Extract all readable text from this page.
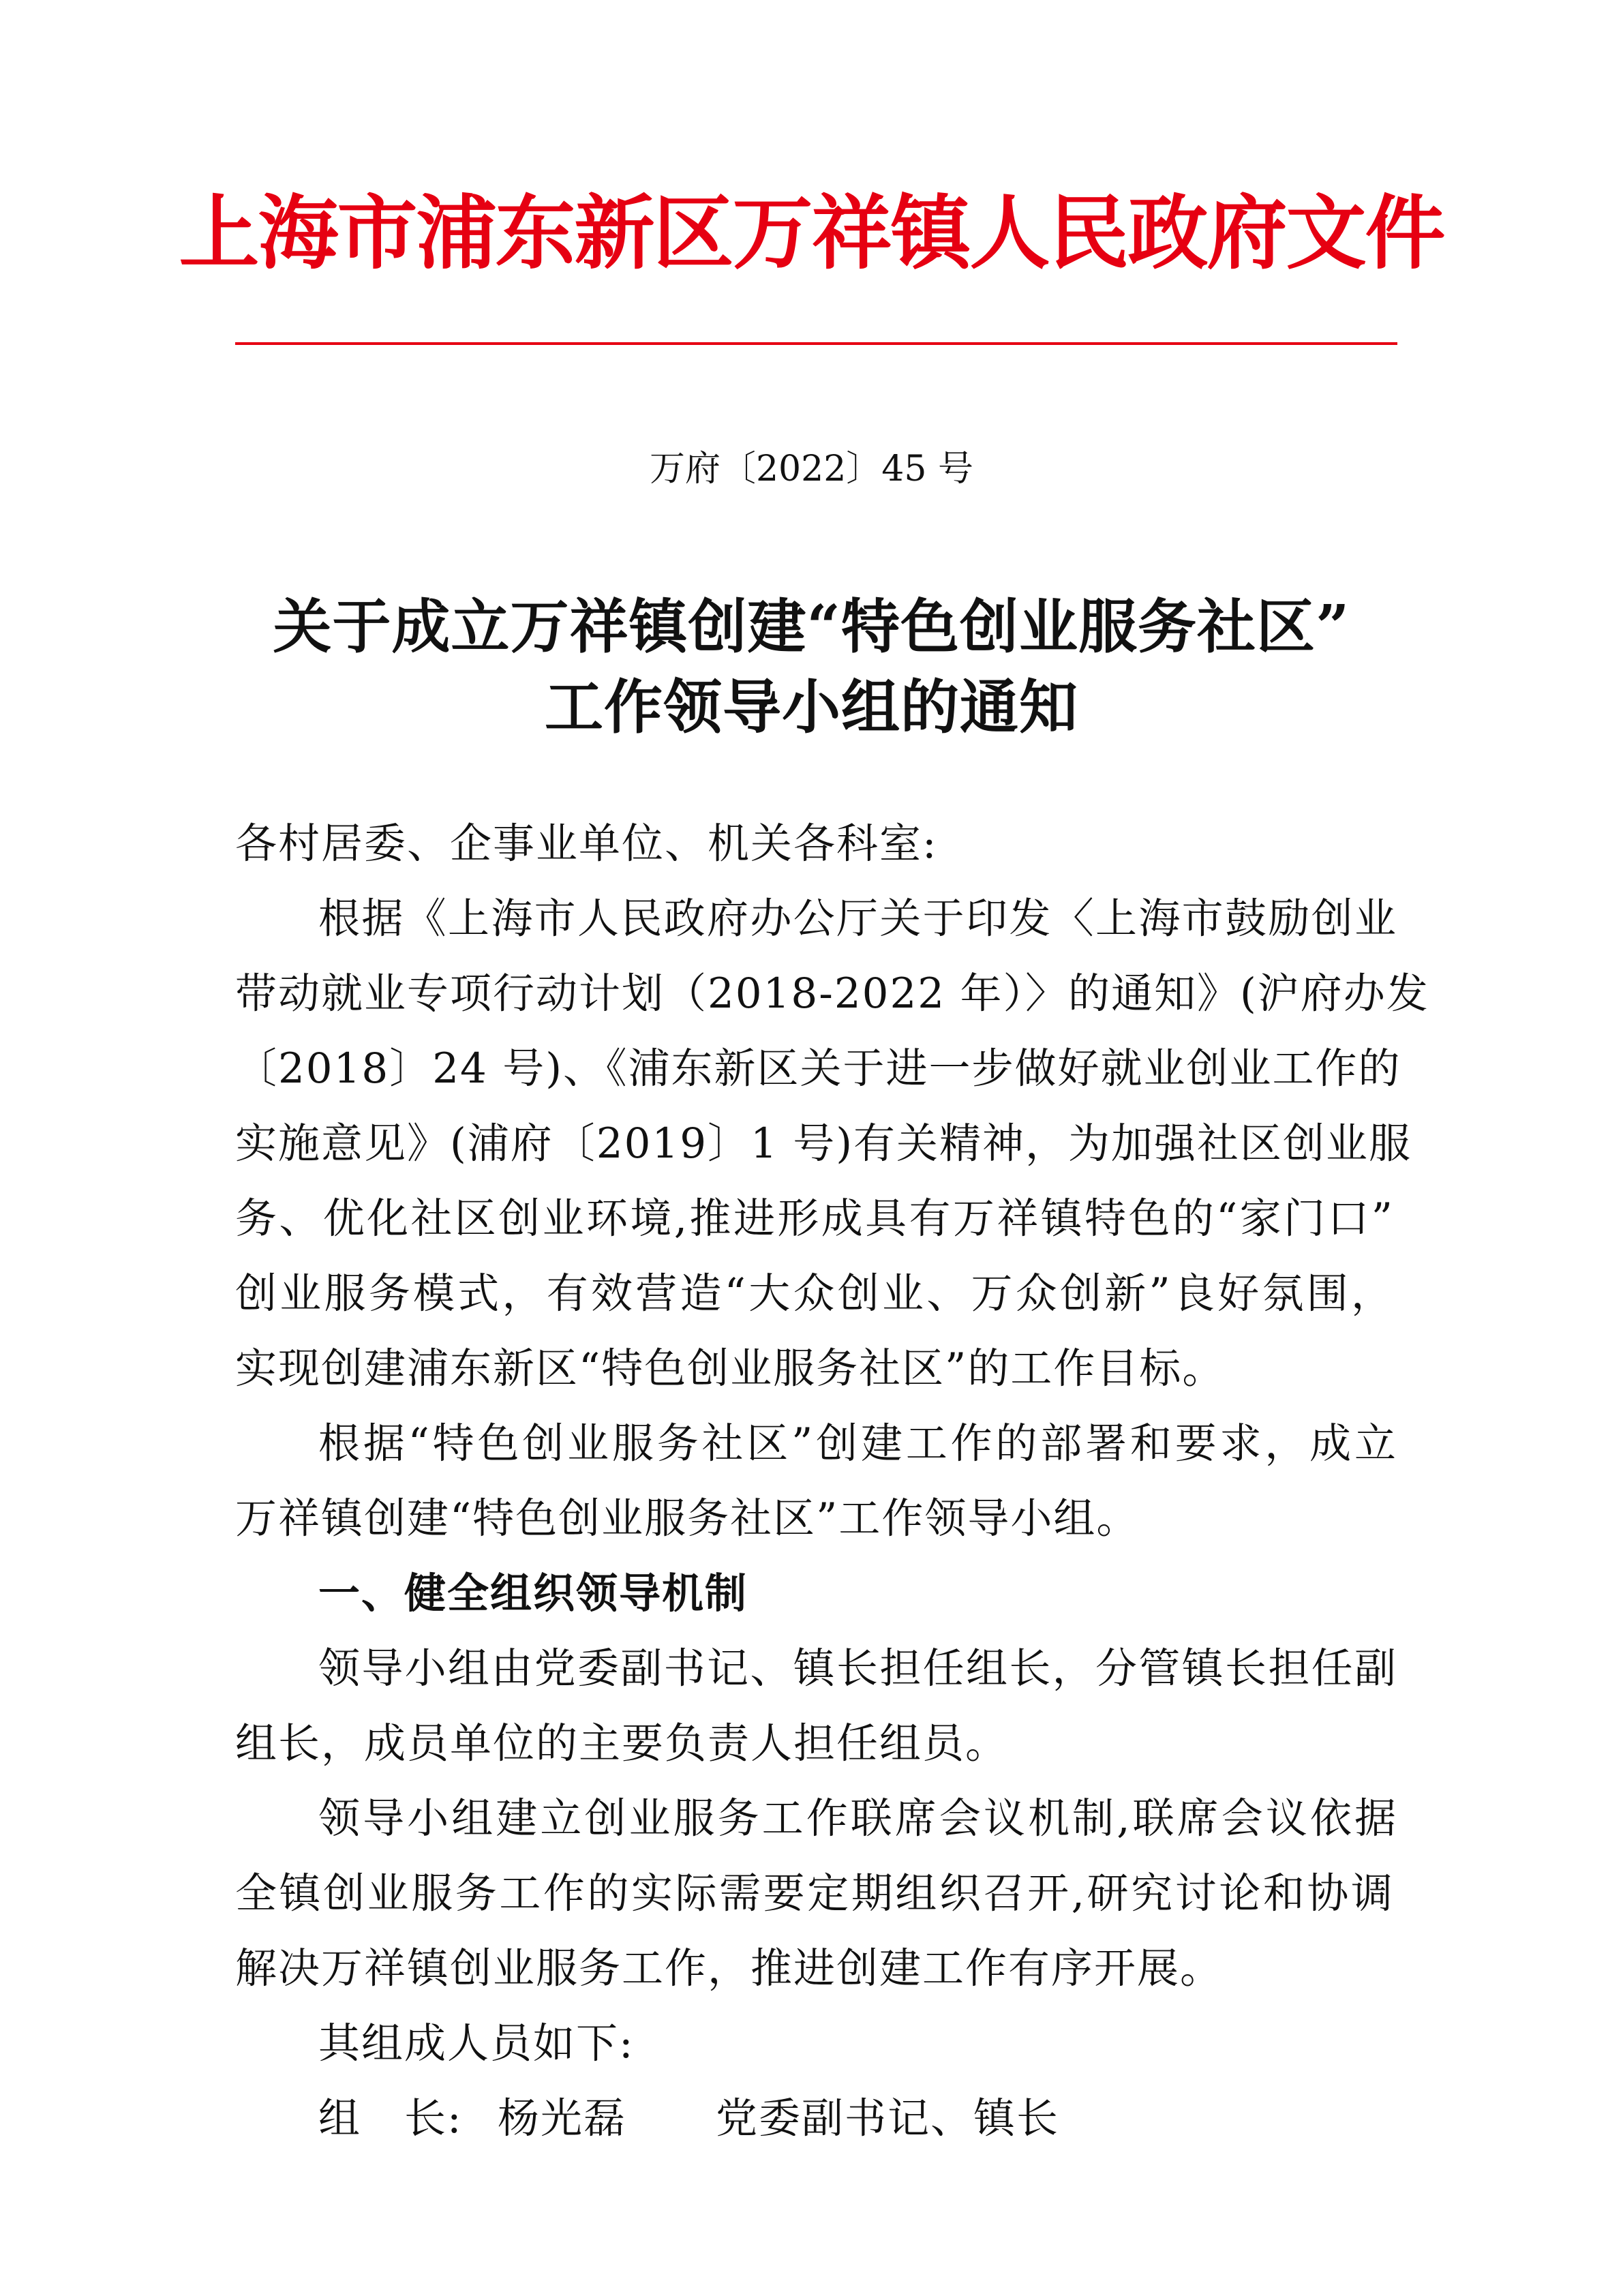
上海市浦东新区万祥镇人民政府文件
万府〔2022〕45 号
关于成立万祥镇创建“特色创业服务社区”
工作领导小组的通知
各村居委、企事业单位、机关各科室:
根据《上海市人民政府办公厅关于印发〈上海市鼓励创业
带动就业专项行动计划（2018-2022 年）〉的通知》(沪府办发
〔2018〕24 号)、《浦东新区关于进一步做好就业创业工作的
实施意见》(浦府〔2019〕1 号)有关精神，为加强社区创业服
务、优化社区创业环境,推进形成具有万祥镇特色的“家门口”
创业服务模式，有效营造“大众创业、万众创新”良好氛围，
实现创建浦东新区“特色创业服务社区”的工作目标。
根据“特色创业服务社区”创建工作的部署和要求，成立
万祥镇创建“特色创业服务社区”工作领导小组。
一、健全组织领导机制
领导小组由党委副书记、镇长担任组长，分管镇长担任副
组长，成员单位的主要负责人担任组员。
领导小组建立创业服务工作联席会议机制,联席会议依据
全镇创业服务工作的实际需要定期组织召开,研究讨论和协调
解决万祥镇创业服务工作，推进创建工作有序开展。
其组成人员如下:
组　长: 杨光磊 党委副书记、镇长
